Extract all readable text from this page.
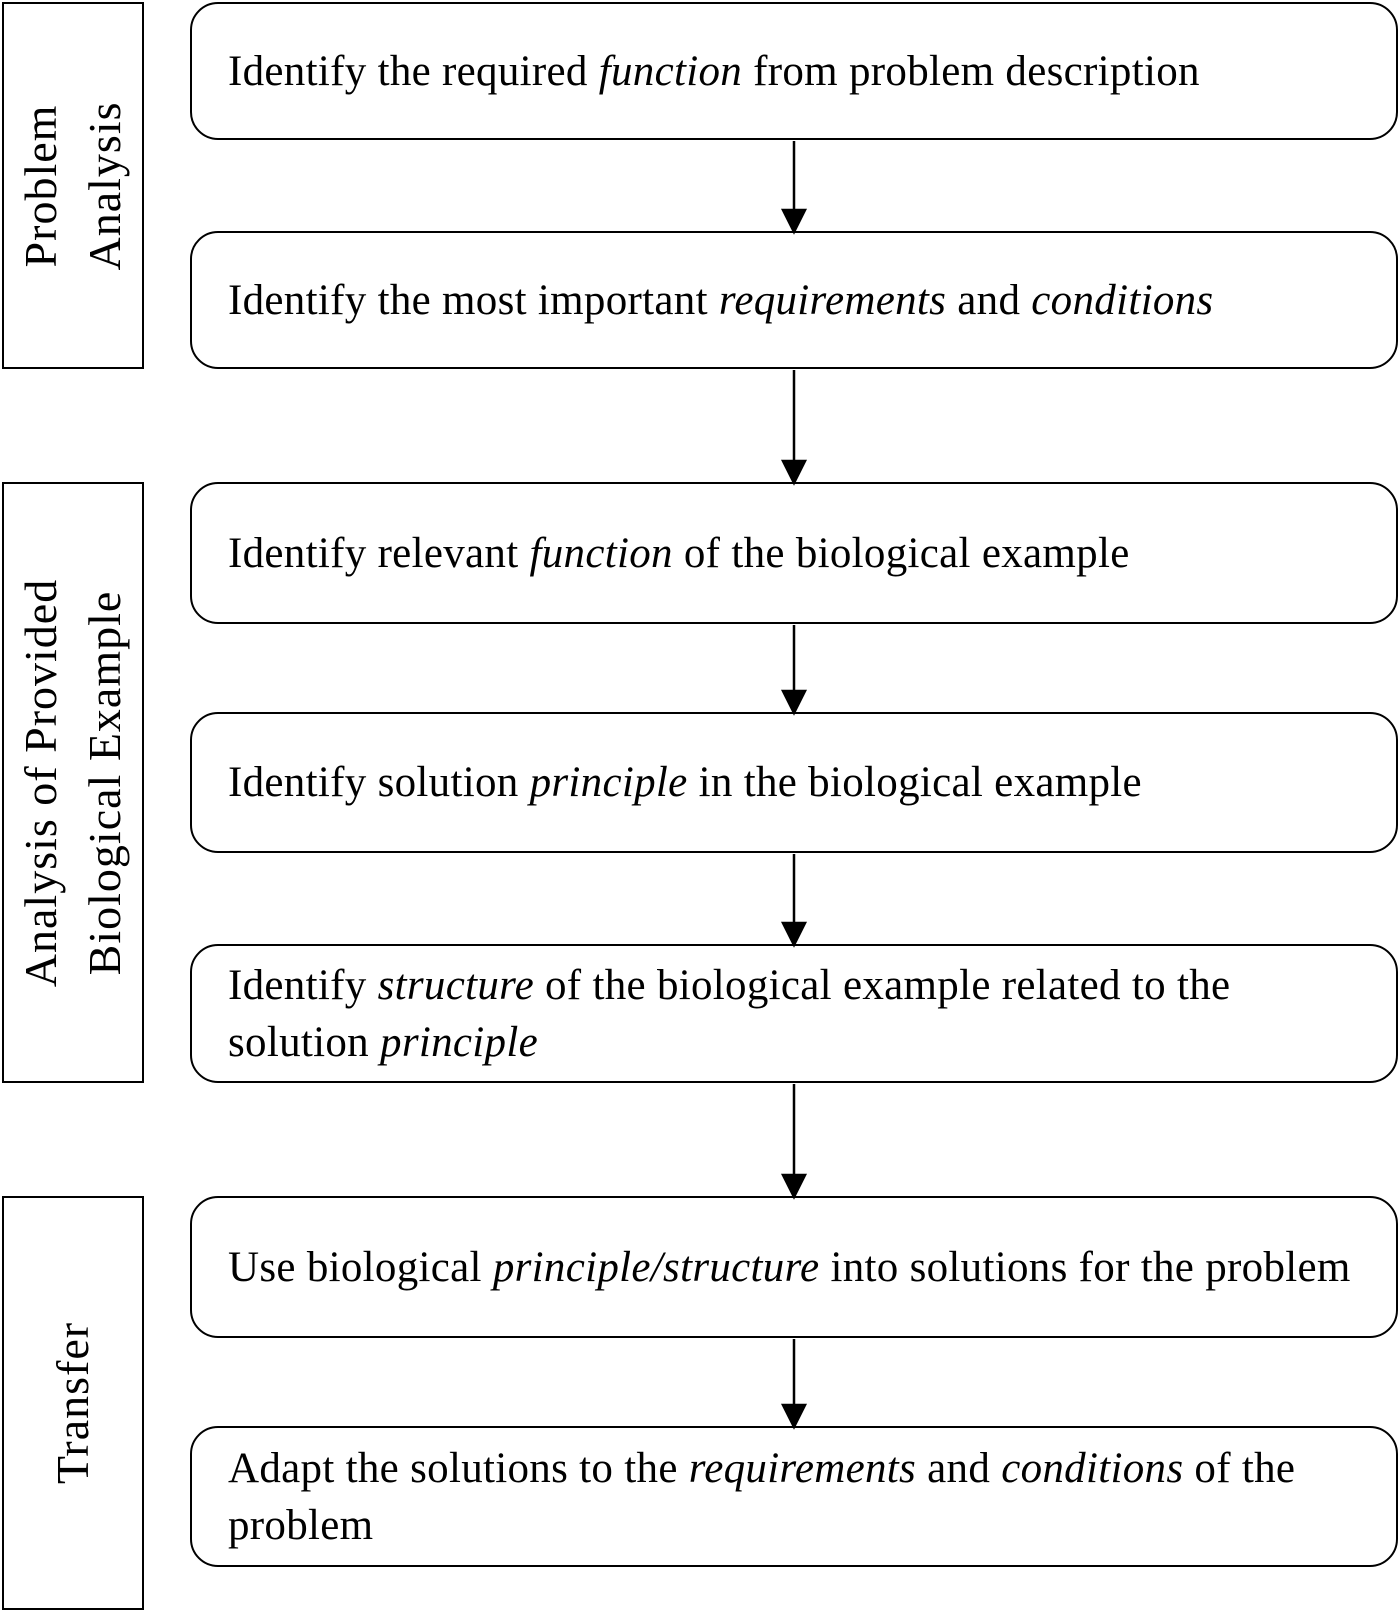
Problem Analysis
Analysis of Provided Biological Example
Transfer
Identify the required function from problem description
Identify the most important requirements and conditions
Identify relevant function of the biological example
Identify solution principle in the biological example
Identify structure of the biological example related to the solution principle
Use biological principle/structure into solutions for the problem
Adapt the solutions to the requirements and conditions of the problem
